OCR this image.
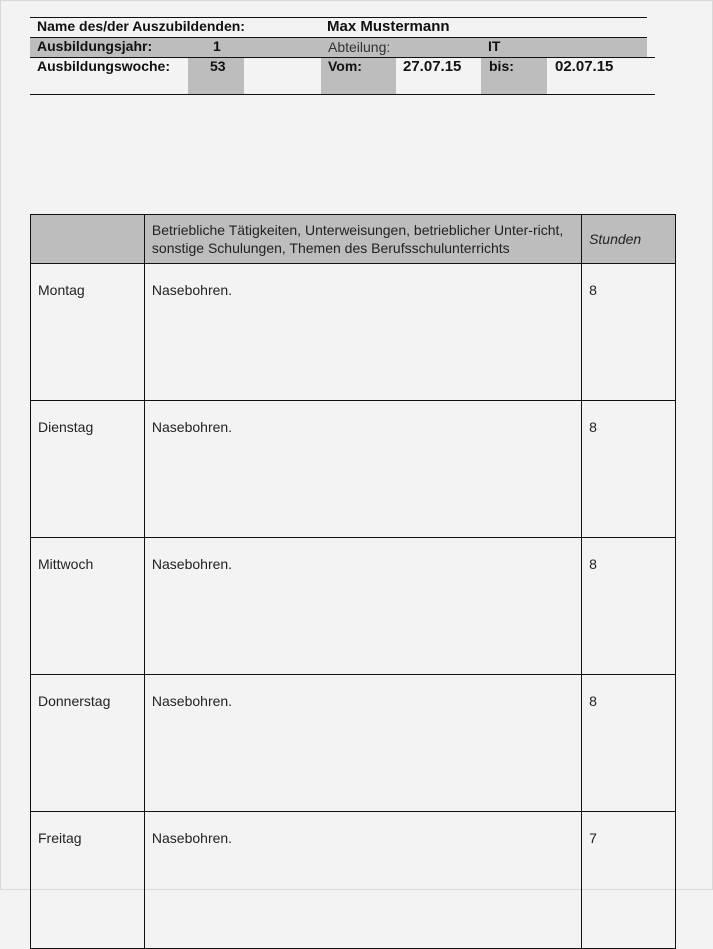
Name des/der Auszubildenden:	Max Mustermann
Ausbildungsjahr:	1	Abteilung:	IT
Ausbildungswoche:	53	Vom:	27.07.15 bis:	02.07.15
	Betriebliche Tätigkeiten, Unterweisungen, betrieblicher Unter-richt, sonstige Schulungen, Themen des Berufsschulunterrichts	Stunden
Montag	Nasebohren.	8
Dienstag	Nasebohren.	8
Mittwoch	Nasebohren.	8
Donnerstag	Nasebohren.	8
Freitag	Nasebohren.	7
